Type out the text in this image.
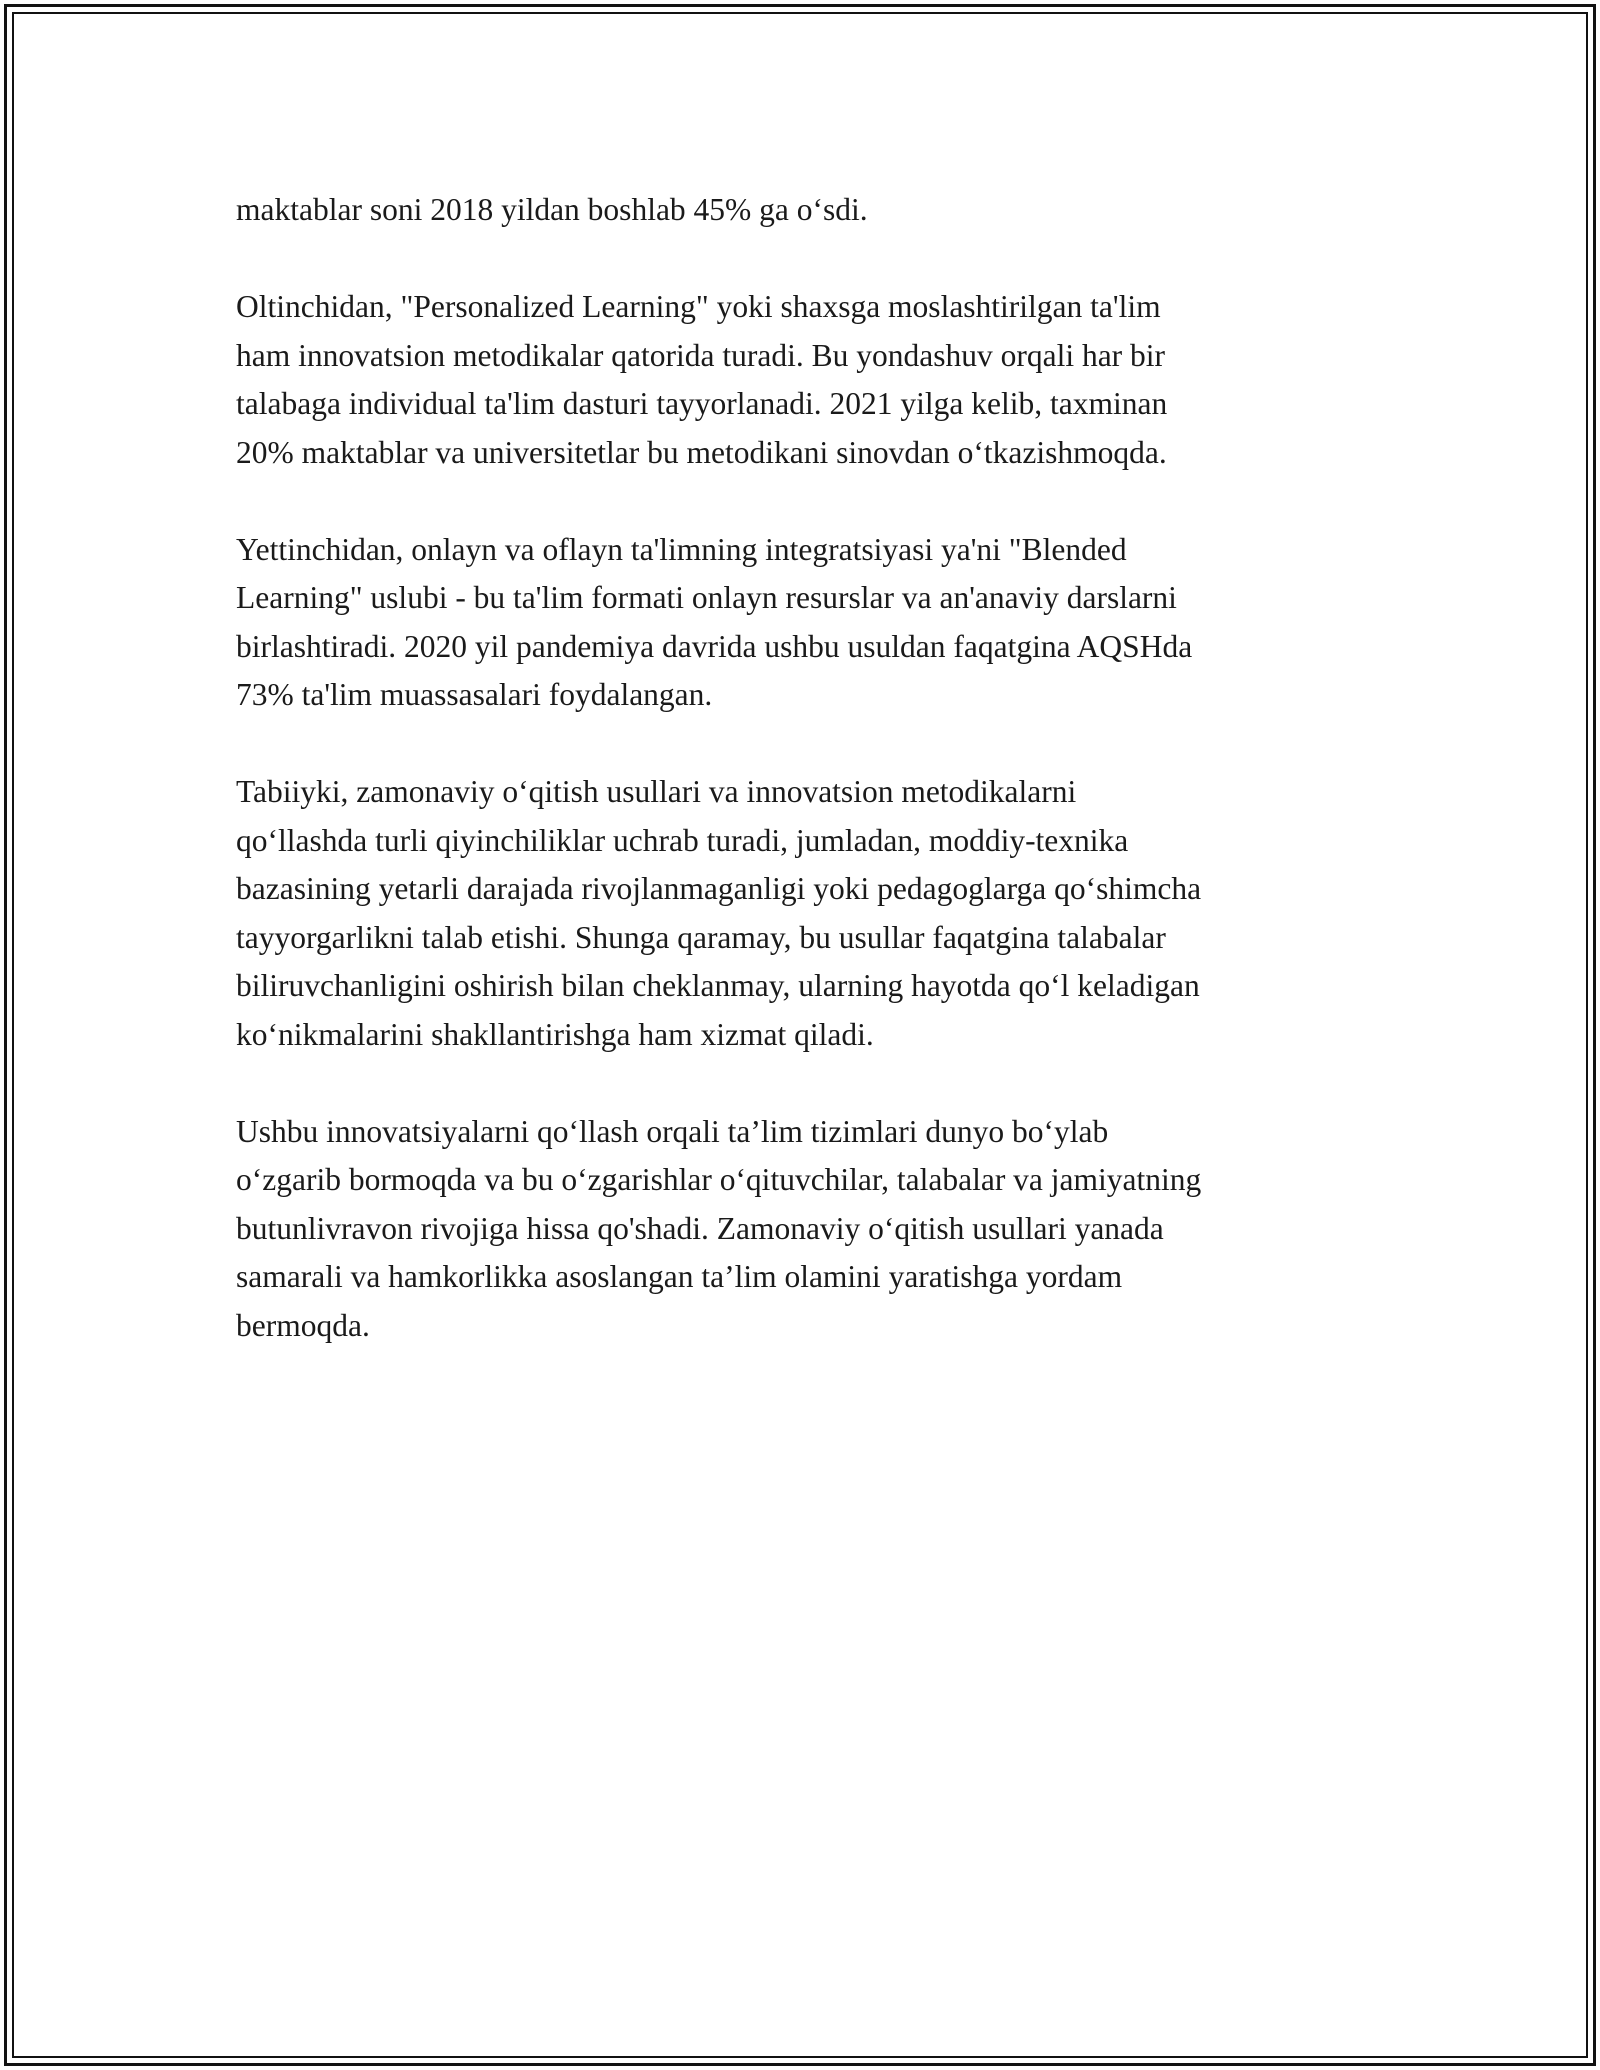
maktablar soni 2018 yildan boshlab 45% ga o‘sdi.

Oltinchidan, "Personalized Learning" yoki shaxsga moslashtirilgan ta'lim
ham innovatsion metodikalar qatorida turadi. Bu yondashuv orqali har bir
talabaga individual ta'lim dasturi tayyorlanadi. 2021 yilga kelib, taxminan
20% maktablar va universitetlar bu metodikani sinovdan o‘tkazishmoqda.

Yettinchidan, onlayn va oflayn ta'limning integratsiyasi ya'ni "Blended
Learning" uslubi - bu ta'lim formati onlayn resurslar va an'anaviy darslarni
birlashtiradi. 2020 yil pandemiya davrida ushbu usuldan faqatgina AQSHda
73% ta'lim muassasalari foydalangan.

Tabiiyki, zamonaviy o‘qitish usullari va innovatsion metodikalarni
qo‘llashda turli qiyinchiliklar uchrab turadi, jumladan, moddiy-texnika
bazasining yetarli darajada rivojlanmaganligi yoki pedagoglarga qo‘shimcha
tayyorgarlikni talab etishi. Shunga qaramay, bu usullar faqatgina talabalar
biliruvchanligini oshirish bilan cheklanmay, ularning hayotda qo‘l keladigan
ko‘nikmalarini shakllantirishga ham xizmat qiladi.

Ushbu innovatsiyalarni qo‘llash orqali ta’lim tizimlari dunyo bo‘ylab
o‘zgarib bormoqda va bu o‘zgarishlar o‘qituvchilar, talabalar va jamiyatning
butunlivravon rivojiga hissa qo'shadi. Zamonaviy o‘qitish usullari yanada
samarali va hamkorlikka asoslangan ta’lim olamini yaratishga yordam
bermoqda.
